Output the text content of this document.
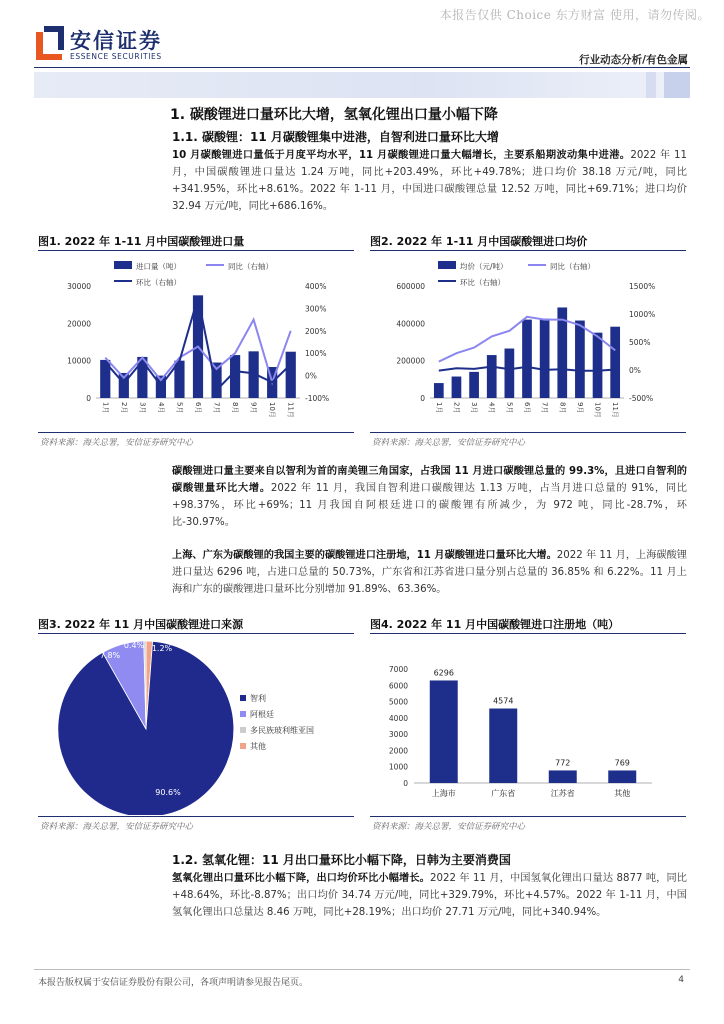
本报告仅供 Choice 东方财富 使用，请勿传阅。
安信证券
ESSENCE SECURITIES	行业动态分析/有色金属
1. 碳酸锂进口量环比大增，氢氧化锂出口量小幅下降
1.1. 碳酸锂：11 月碳酸锂集中进港，自智利进口量环比大增
10 月碳酸锂进口量低于月度平均水平，11 月碳酸锂进口量大幅增长，主要系船期波动集中进港。2022 年 11 月，中国碳酸锂进口量达 1.24 万吨，同比+203.49%，环比+49.78%；进口均价 38.18 万元/吨，同比+341.95%，环比+8.61%。2022 年 1-11 月，中国进口碳酸锂总量 12.52 万吨，同比+69.71%；进口均价 32.94 万元/吨，同比+686.16%。
图1. 2022 年 1-11 月中国碳酸锂进口量
进口量（吨）	同比（右轴）
环比（右轴）
0
10000
20000
30000
-100%
0%
100%
200%
300%
400%
1月 2月 3月 4月 5月 6月 7月 8月 9月 10月 11月
资料来源：海关总署，安信证券研究中心
图2. 2022 年 1-11 月中国碳酸锂进口均价
均价（元/吨）	同比（右轴）
环比（右轴）
0
200000
400000
600000
-500%
0%
500%
1000%
1500%
1月 2月 3月 4月 5月 6月 7月 8月 9月 10月 11月
资料来源：海关总署，安信证券研究中心
碳酸锂进口量主要来自以智利为首的南美锂三角国家，占我国 11 月进口碳酸锂总量的 99.3%，且进口自智利的碳酸锂量环比大增。2022 年 11 月，我国自智利进口碳酸锂达 1.13 万吨，占当月进口总量的 91%，同比+98.37%，环比+69%；11 月我国自阿根廷进口的碳酸锂有所减少，为 972 吨，同比-28.7%，环比-30.97%。
上海、广东为碳酸锂的我国主要的碳酸锂进口注册地，11 月碳酸锂进口量环比大增。2022 年 11 月，上海碳酸锂进口量达 6296 吨，占进口总量的 50.73%，广东省和江苏省进口量分别占总量的 36.85% 和 6.22%。11 月上海和广东的碳酸锂进口量环比分别增加 91.89%、63.36%。
图3. 2022 年 11 月中国碳酸锂进口来源
90.6%
7.8%
0.4% 1.2%
智利
阿根廷
多民族玻利维亚国
其他
资料来源：海关总署，安信证券研究中心
图4. 2022 年 11 月中国碳酸锂进口注册地（吨）
0
1000
2000
3000
4000
5000
6000
7000	6296
上海市
4574
广东省
772
江苏省
769
其他
资料来源：海关总署，安信证券研究中心
1.2. 氢氧化锂：11 月出口量环比小幅下降，日韩为主要消费国
氢氧化锂出口量环比小幅下降，出口均价环比小幅增长。2022 年 11 月，中国氢氧化锂出口量达 8877 吨，同比+48.64%，环比-8.87%；出口均价 34.74 万元/吨，同比+329.79%，环比+4.57%。2022 年 1-11 月，中国氢氧化锂出口总量达 8.46 万吨，同比+28.19%；出口均价 27.71 万元/吨，同比+340.94%。
本报告版权属于安信证券股份有限公司，各项声明请参见报告尾页。	4
